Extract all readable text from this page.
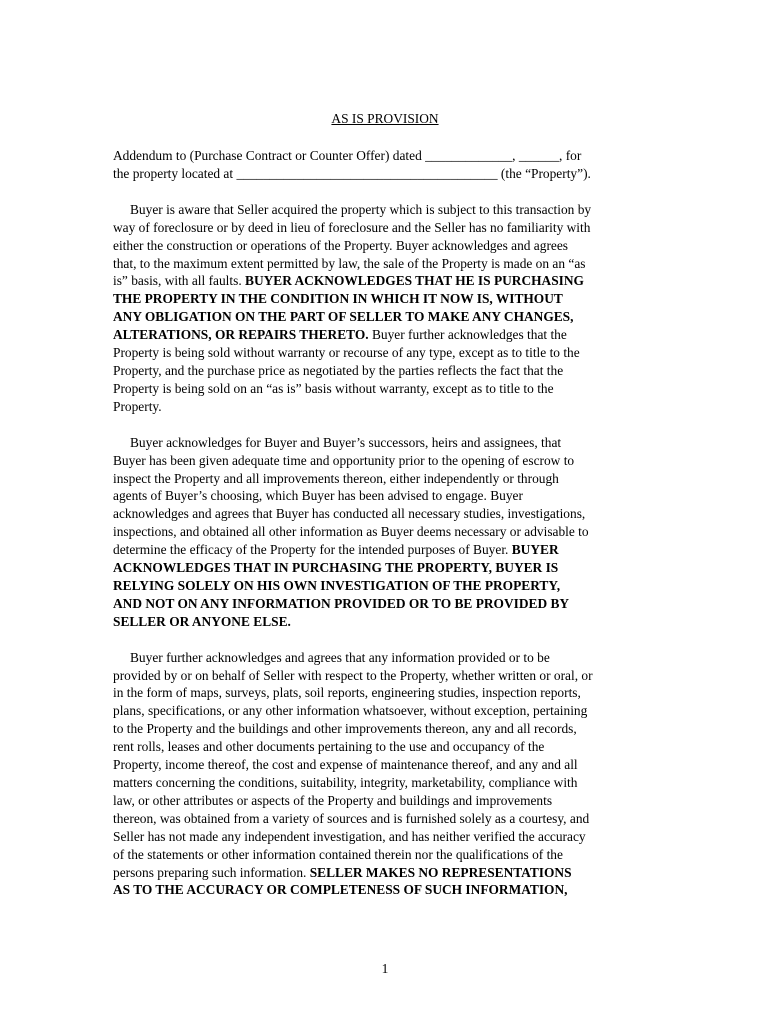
AS IS PROVISION

Addendum to (Purchase Contract or Counter Offer) dated _____________, ______, for
the property located at _______________________________________ (the “Property”).

Buyer is aware that Seller acquired the property which is subject to this transaction by
way of foreclosure or by deed in lieu of foreclosure and the Seller has no familiarity with
either the construction or operations of the Property. Buyer acknowledges and agrees
that, to the maximum extent permitted by law, the sale of the Property is made on an “as
is” basis, with all faults. BUYER ACKNOWLEDGES THAT HE IS PURCHASING
THE PROPERTY IN THE CONDITION IN WHICH IT NOW IS, WITHOUT
ANY OBLIGATION ON THE PART OF SELLER TO MAKE ANY CHANGES,
ALTERATIONS, OR REPAIRS THERETO. Buyer further acknowledges that the
Property is being sold without warranty or recourse of any type, except as to title to the
Property, and the purchase price as negotiated by the parties reflects the fact that the
Property is being sold on an “as is” basis without warranty, except as to title to the
Property.

Buyer acknowledges for Buyer and Buyer’s successors, heirs and assignees, that
Buyer has been given adequate time and opportunity prior to the opening of escrow to
inspect the Property and all improvements thereon, either independently or through
agents of Buyer’s choosing, which Buyer has been advised to engage. Buyer
acknowledges and agrees that Buyer has conducted all necessary studies, investigations,
inspections, and obtained all other information as Buyer deems necessary or advisable to
determine the efficacy of the Property for the intended purposes of Buyer. BUYER
ACKNOWLEDGES THAT IN PURCHASING THE PROPERTY, BUYER IS
RELYING SOLELY ON HIS OWN INVESTIGATION OF THE PROPERTY,
AND NOT ON ANY INFORMATION PROVIDED OR TO BE PROVIDED BY
SELLER OR ANYONE ELSE.

Buyer further acknowledges and agrees that any information provided or to be
provided by or on behalf of Seller with respect to the Property, whether written or oral, or
in the form of maps, surveys, plats, soil reports, engineering studies, inspection reports,
plans, specifications, or any other information whatsoever, without exception, pertaining
to the Property and the buildings and other improvements thereon, any and all records,
rent rolls, leases and other documents pertaining to the use and occupancy of the
Property, income thereof, the cost and expense of maintenance thereof, and any and all
matters concerning the conditions, suitability, integrity, marketability, compliance with
law, or other attributes or aspects of the Property and buildings and improvements
thereon, was obtained from a variety of sources and is furnished solely as a courtesy, and
Seller has not made any independent investigation, and has neither verified the accuracy
of the statements or other information contained therein nor the qualifications of the
persons preparing such information. SELLER MAKES NO REPRESENTATIONS
AS TO THE ACCURACY OR COMPLETENESS OF SUCH INFORMATION,

1
